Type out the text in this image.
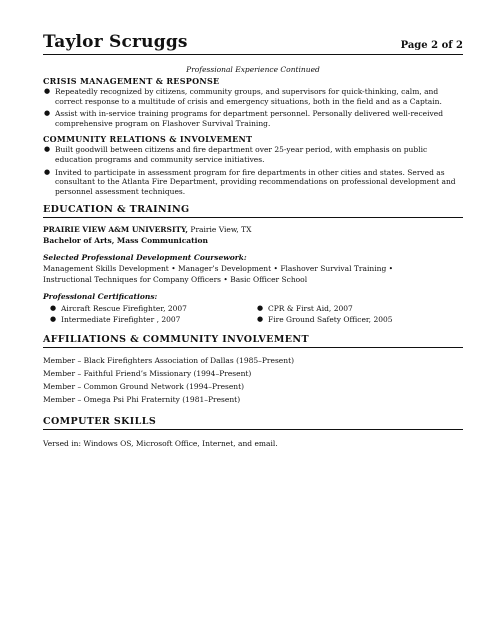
Taylor Scruggs	Page 2 of 2
Professional Experience Continued
CRISIS MANAGEMENT & RESPONSE
● Repeatedly recognized by citizens, community groups, and supervisors for quick-thinking, calm, and correct response to a multitude of crisis and emergency situations, both in the field and as a Captain.
● Assist with in-service training programs for department personnel. Personally delivered well-received comprehensive program on Flashover Survival Training.
COMMUNITY RELATIONS & INVOLVEMENT
● Built goodwill between citizens and fire department over 25-year period, with emphasis on public education programs and community service initiatives.
● Invited to participate in assessment program for fire departments in other cities and states. Served as consultant to the Atlanta Fire Department, providing recommendations on professional development and personnel assessment techniques.
EDUCATION & TRAINING
PRAIRIE VIEW A&M UNIVERSITY, Prairie View, TX
Bachelor of Arts, Mass Communication
Selected Professional Development Coursework:
Management Skills Development • Manager’s Development • Flashover Survival Training •
Instructional Techniques for Company Officers • Basic Officer School
Professional Certifications:
● Aircraft Rescue Firefighter, 2007
● Intermediate Firefighter , 2007
● CPR & First Aid, 2007
● Fire Ground Safety Officer, 2005
AFFILIATIONS & COMMUNITY INVOLVEMENT
Member – Black Firefighters Association of Dallas (1985–Present)
Member – Faithful Friend’s Missionary (1994–Present)
Member – Common Ground Network (1994–Present)
Member – Omega Psi Phi Fraternity (1981–Present)
COMPUTER SKILLS
Versed in: Windows OS, Microsoft Office, Internet, and email.
